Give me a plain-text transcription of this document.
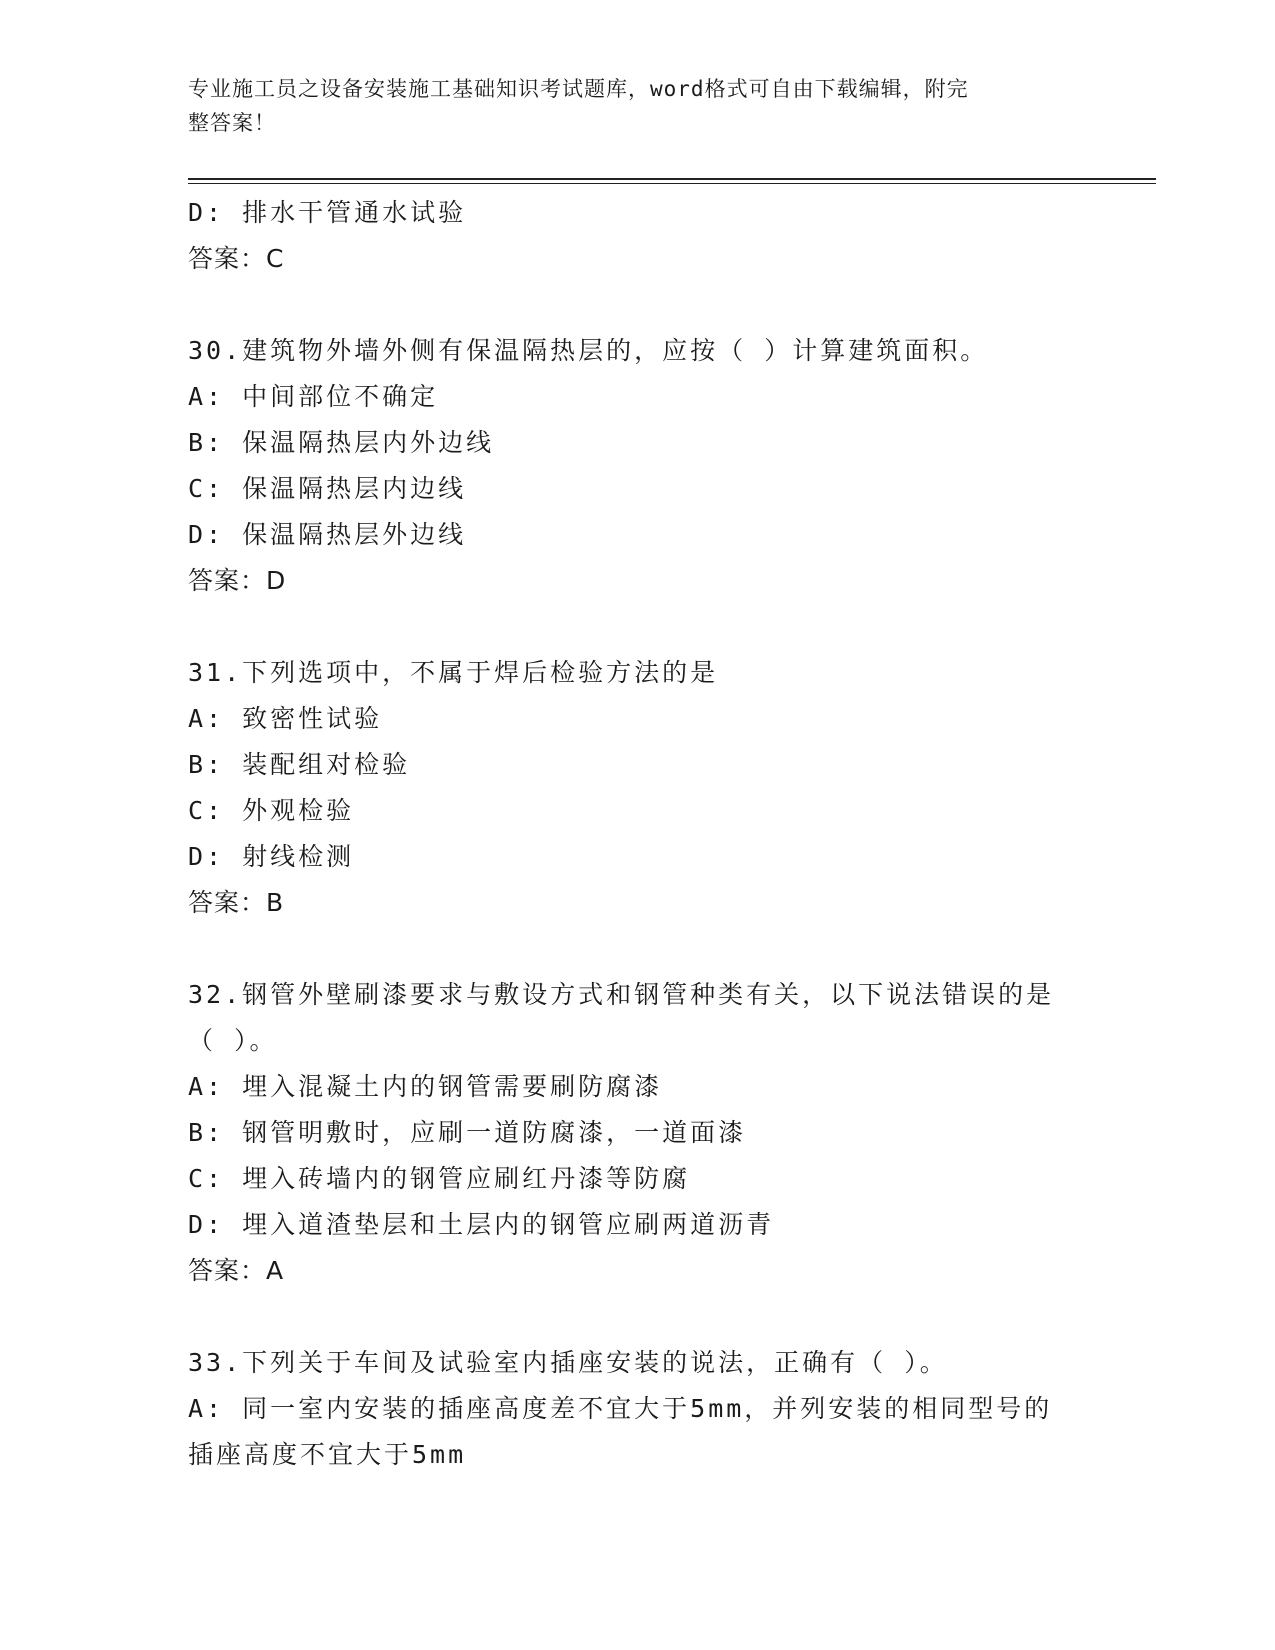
专业施工员之设备安装施工基础知识考试题库，word格式可自由下载编辑，附完
整答案！
D: 排水干管通水试验
答案：C
30.建筑物外墙外侧有保温隔热层的，应按（ ）计算建筑面积。
A: 中间部位不确定
B: 保温隔热层内外边线
C: 保温隔热层内边线
D: 保温隔热层外边线
答案：D
31.下列选项中，不属于焊后检验方法的是
A: 致密性试验
B: 装配组对检验
C: 外观检验
D: 射线检测
答案：B
32.钢管外壁刷漆要求与敷设方式和钢管种类有关，以下说法错误的是
（ ）。
A: 埋入混凝土内的钢管需要刷防腐漆
B: 钢管明敷时，应刷一道防腐漆，一道面漆
C: 埋入砖墙内的钢管应刷红丹漆等防腐
D: 埋入道渣垫层和土层内的钢管应刷两道沥青
答案：A
33.下列关于车间及试验室内插座安装的说法，正确有（ ）。
A: 同一室内安装的插座高度差不宜大于5mm，并列安装的相同型号的
插座高度不宜大于5mm
